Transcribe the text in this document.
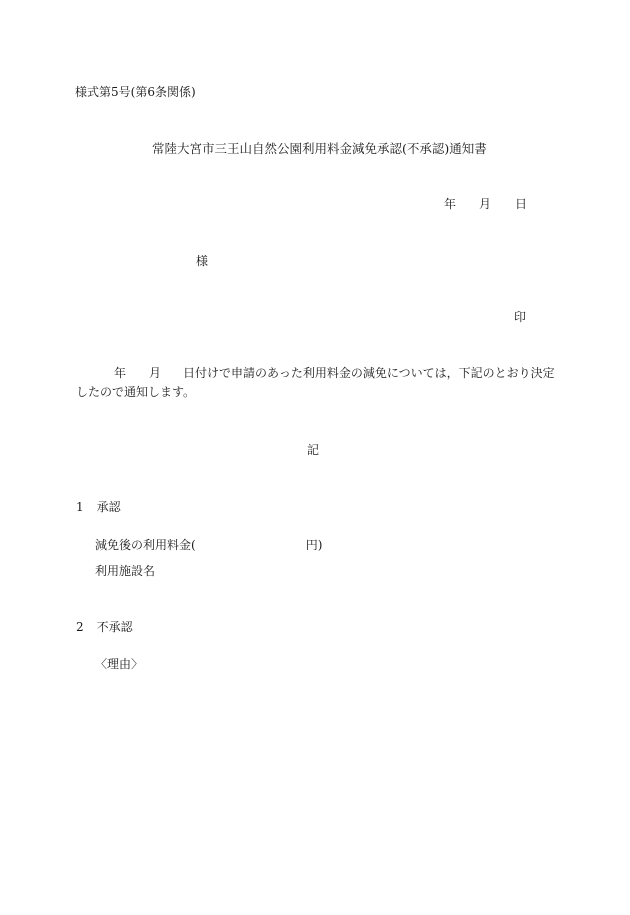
様式第5号(第6条関係)
常陸大宮市三王山自然公園利用料金減免承認(不承認)通知書
年 月 日
様
印
年 月 日付けで申請のあった利用料金の減免については，下記のとおり決定
したので通知します。
記
1 承認
減免後の利用料金(	円)
利用施設名
2 不承認
〈理由〉
